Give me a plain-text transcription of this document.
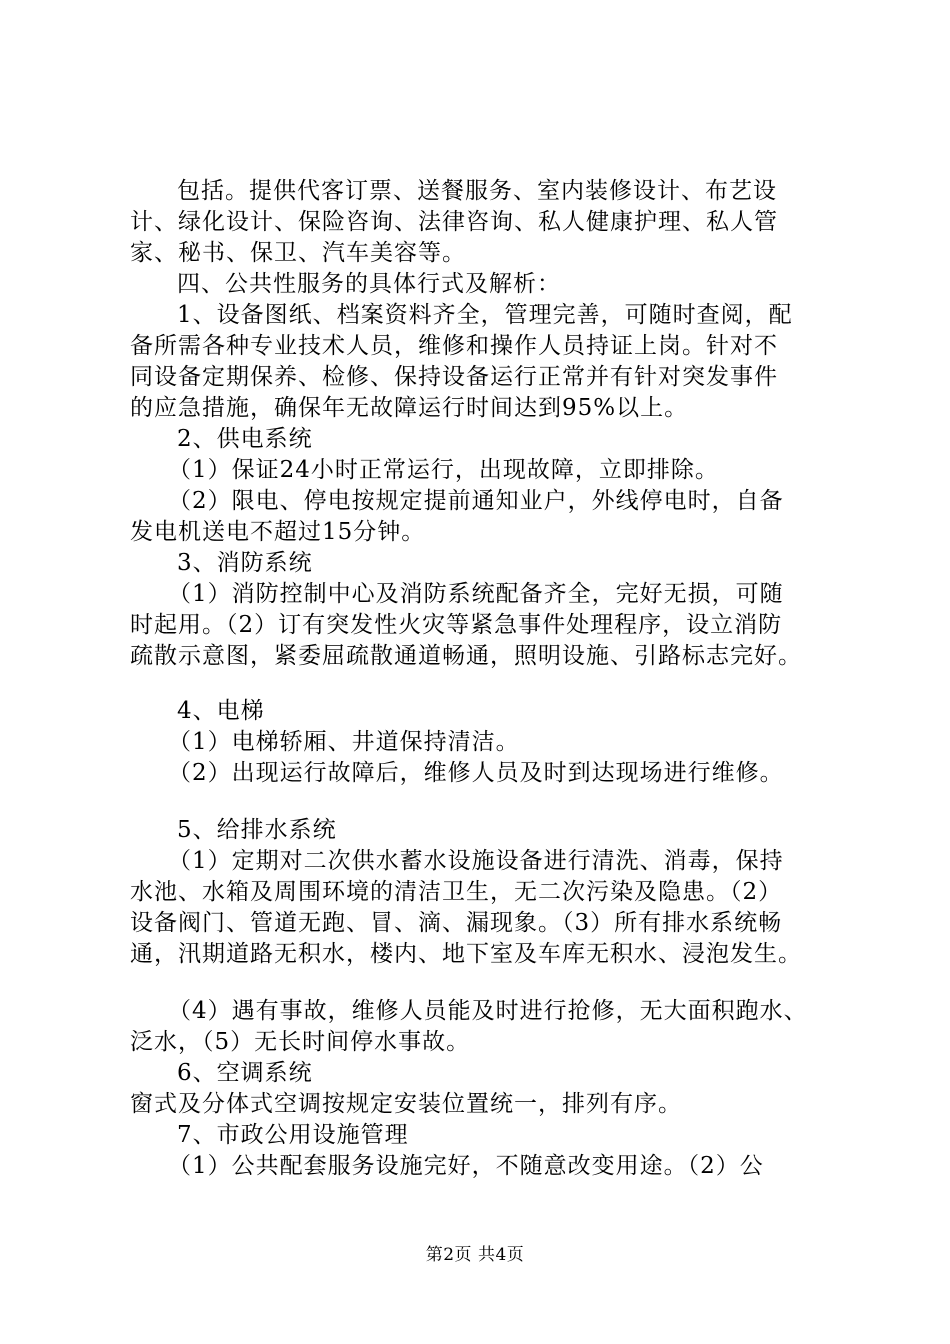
包括。提供代客订票、送餐服务、室内装修设计、布艺设
计、绿化设计、保险咨询、法律咨询、私人健康护理、私人管
家、秘书、保卫、汽车美容等。
四、公共性服务的具体行式及解析：
1、设备图纸、档案资料齐全，管理完善，可随时查阅，配
备所需各种专业技术人员，维修和操作人员持证上岗。针对不
同设备定期保养、检修、保持设备运行正常并有针对突发事件
的应急措施，确保年无故障运行时间达到95%以上。
2、供电系统
（1）保证24小时正常运行，出现故障，立即排除。
（2）限电、停电按规定提前通知业户，外线停电时，自备
发电机送电不超过15分钟。
3、消防系统
（1）消防控制中心及消防系统配备齐全，完好无损，可随
时起用。（2）订有突发性火灾等紧急事件处理程序，设立消防
疏散示意图，紧委屈疏散通道畅通，照明设施、引路标志完好。
4、电梯
（1）电梯轿厢、井道保持清洁。
（2）出现运行故障后，维修人员及时到达现场进行维修。
5、给排水系统
（1）定期对二次供水蓄水设施设备进行清洗、消毒，保持
水池、水箱及周围环境的清洁卫生，无二次污染及隐患。（2）
设备阀门、管道无跑、冒、滴、漏现象。（3）所有排水系统畅
通，汛期道路无积水，楼内、地下室及车库无积水、浸泡发生。
（4）遇有事故，维修人员能及时进行抢修，无大面积跑水、
泛水，（5）无长时间停水事故。
6、空调系统
窗式及分体式空调按规定安装位置统一，排列有序。
7、市政公用设施管理
（1）公共配套服务设施完好，不随意改变用途。（2）公
第2页 共4页
